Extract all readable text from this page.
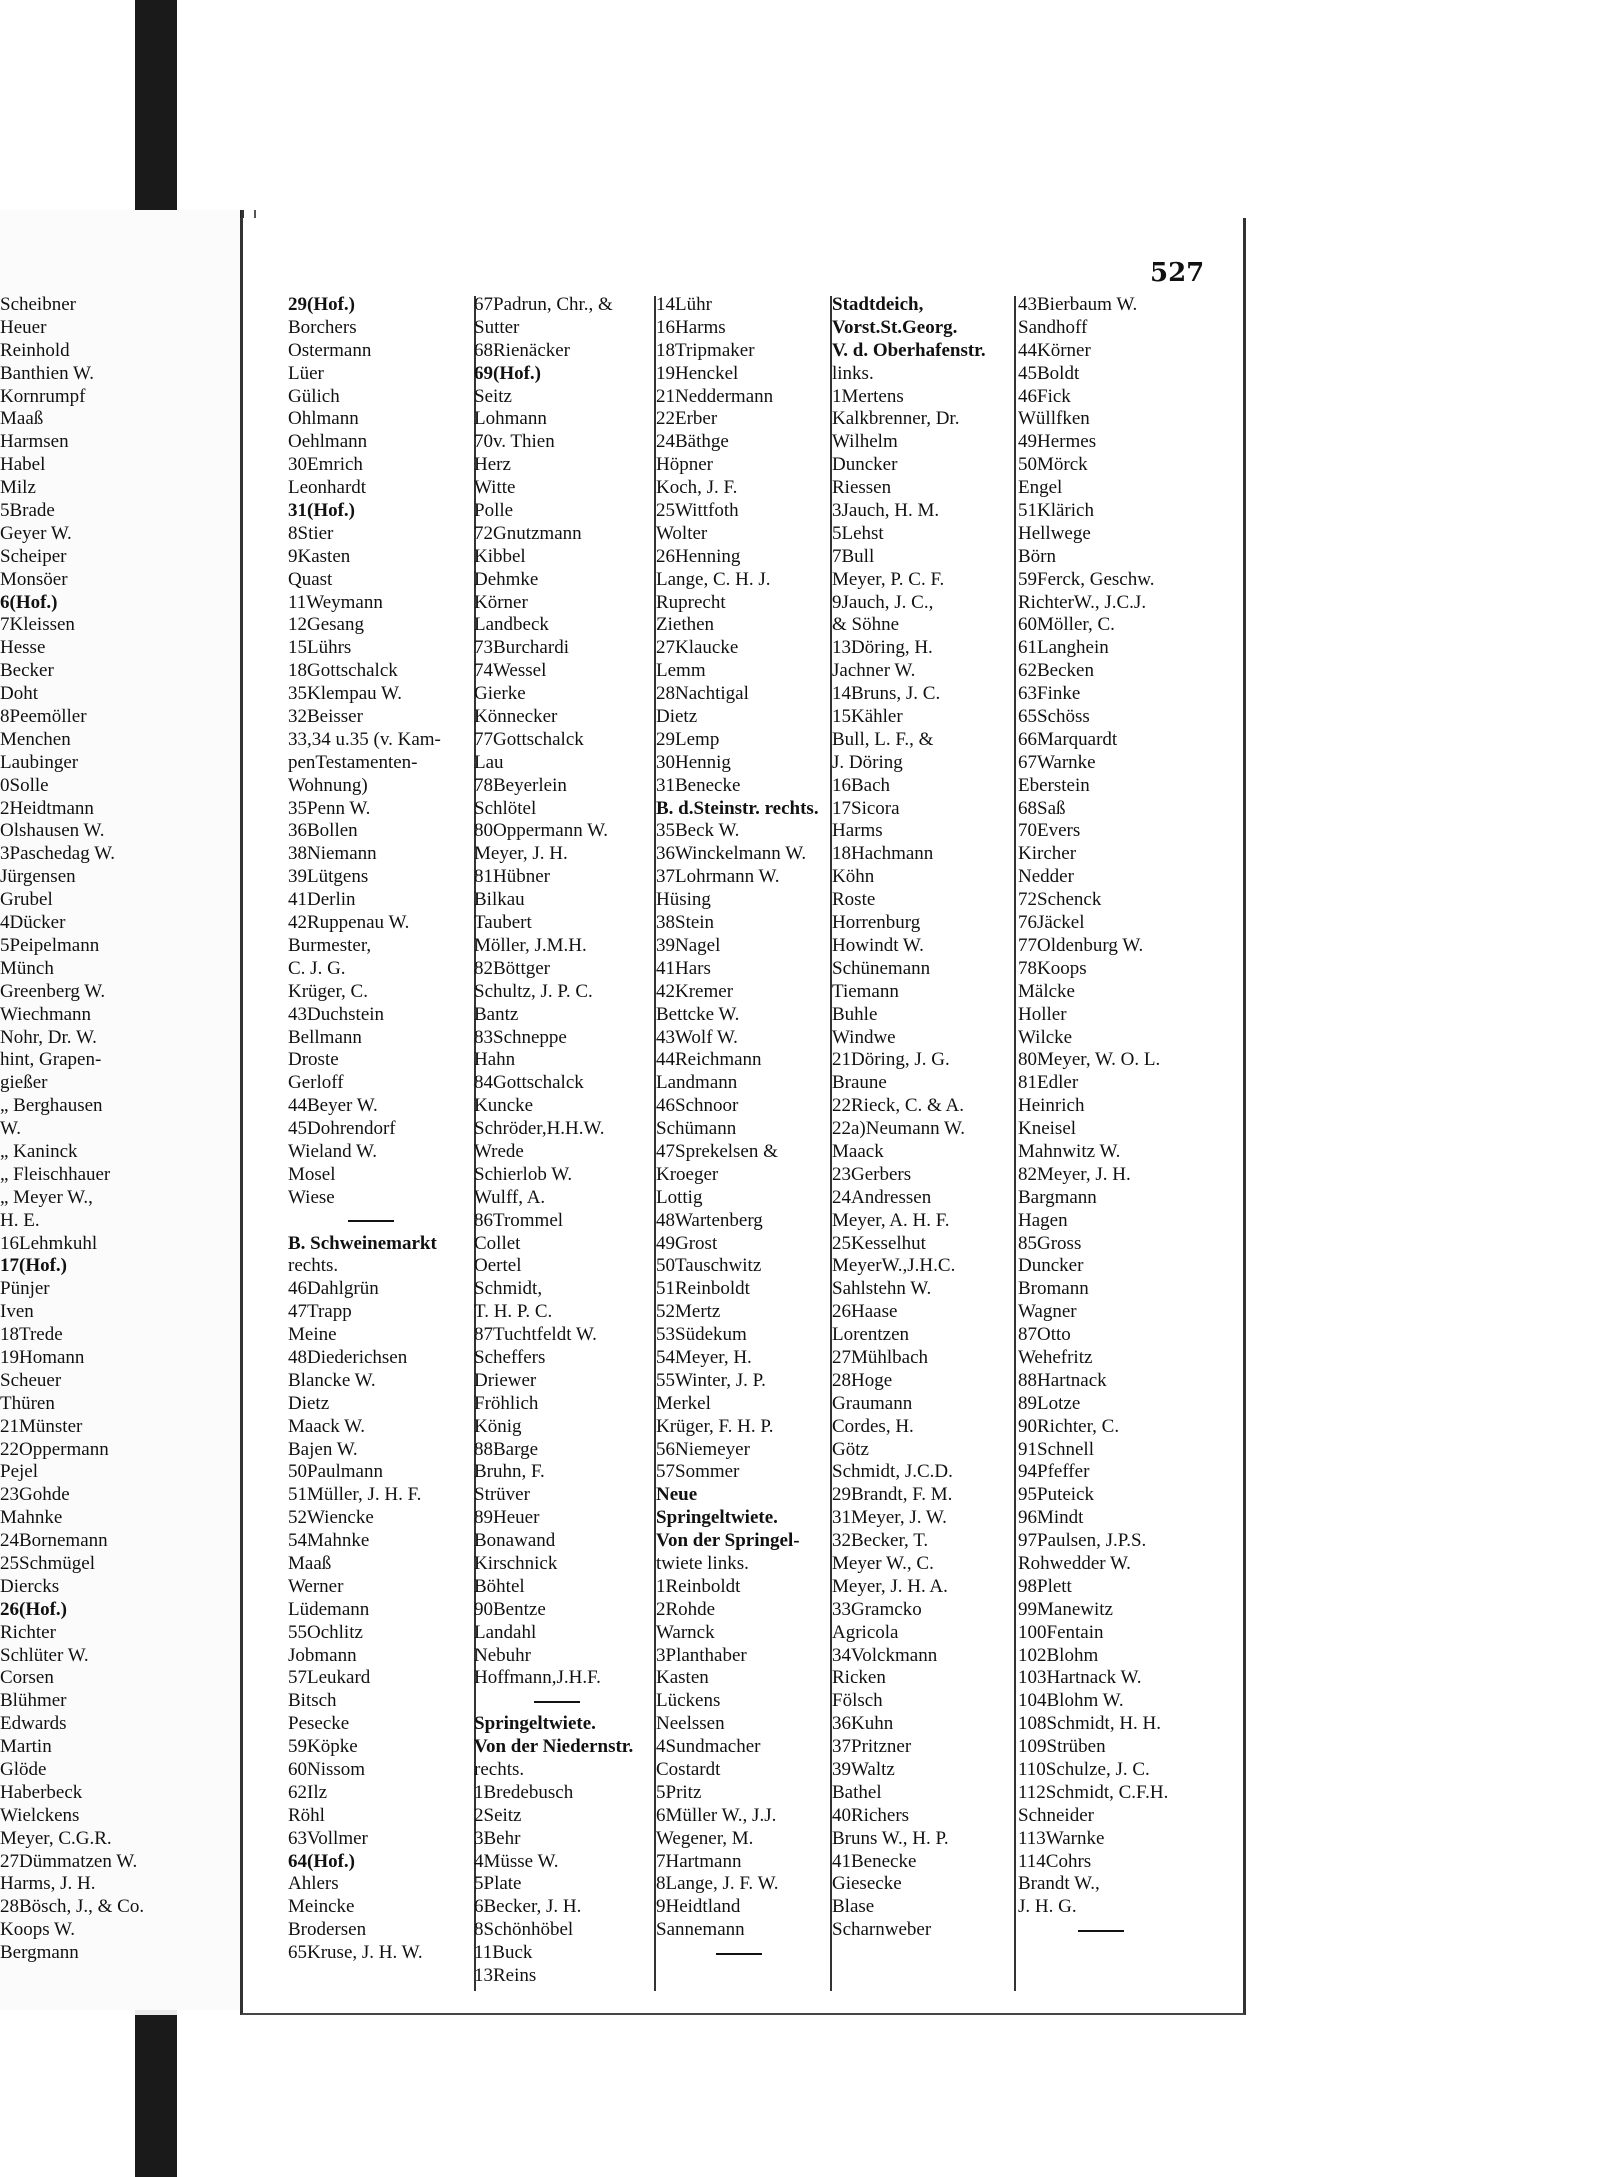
527
Scheibner
Heuer
Reinhold
Banthien W.
Kornrumpf
Maaß
Harmsen
Habel
Milz
5Brade
Geyer W.
Scheiper
Monsöer
6(Hof.)
7Kleissen
Hesse
Becker
Doht
8Peemöller
Menchen
Laubinger
0Solle
2Heidtmann
Olshausen W.
3Paschedag W.
Jürgensen
Grubel
4Dücker
5Peipelmann
Münch
Greenberg W.
Wiechmann
Nohr, Dr. W.
hint, Grapen-
gießer
„ Berghausen
W.
„ Kaninck
„ Fleischhauer
„ Meyer W.,
H. E.
16Lehmkuhl
17(Hof.)
Pünjer
Iven
18Trede
19Homann
Scheuer
Thüren
21Münster
22Oppermann
Pejel
23Gohde
Mahnke
24Bornemann
25Schmügel
Diercks
26(Hof.)
Richter
Schlüter W.
Corsen
Blühmer
Edwards
Martin
Glöde
Haberbeck
Wielckens
Meyer, C.G.R.
27Dümmatzen W.
Harms, J. H.
28Bösch, J., & Co.
Koops W.
Bergmann
29(Hof.)
Borchers
Ostermann
Lüer
Gülich
Ohlmann
Oehlmann
30Emrich
Leonhardt
31(Hof.)
8Stier
9Kasten
Quast
11Weymann
12Gesang
15Lührs
18Gottschalck
35Klempau W.
32Beisser
33,34 u.35 (v. Kam-
penTestamenten-
Wohnung)
35Penn W.
36Bollen
38Niemann
39Lütgens
41Derlin
42Ruppenau W.
Burmester,
C. J. G.
Krüger, C.
43Duchstein
Bellmann
Droste
Gerloff
44Beyer W.
45Dohrendorf
Wieland W.
Mosel
Wiese
B. Schweinemarkt
rechts.
46Dahlgrün
47Trapp
Meine
48Diederichsen
Blancke W.
Dietz
Maack W.
Bajen W.
50Paulmann
51Müller, J. H. F.
52Wiencke
54Mahnke
Maaß
Werner
Lüdemann
55Ochlitz
Jobmann
57Leukard
Bitsch
Pesecke
59Köpke
60Nissom
62Ilz
Röhl
63Vollmer
64(Hof.)
Ahlers
Meincke
Brodersen
65Kruse, J. H. W.
67Padrun, Chr., &
Sutter
68Rienäcker
69(Hof.)
Seitz
Lohmann
70v. Thien
Herz
Witte
Polle
72Gnutzmann
Kibbel
Dehmke
Körner
Landbeck
73Burchardi
74Wessel
Gierke
Könnecker
77Gottschalck
Lau
78Beyerlein
Schlötel
80Oppermann W.
Meyer, J. H.
81Hübner
Bilkau
Taubert
Möller, J.M.H.
82Böttger
Schultz, J. P. C.
Bantz
83Schneppe
Hahn
84Gottschalck
Kuncke
Schröder,H.H.W.
Wrede
Schierlob W.
Wulff, A.
86Trommel
Collet
Oertel
Schmidt,
T. H. P. C.
87Tuchtfeldt W.
Scheffers
Driewer
Fröhlich
König
88Barge
Bruhn, F.
Strüver
89Heuer
Bonawand
Kirschnick
Böhtel
90Bentze
Landahl
Nebuhr
Hoffmann,J.H.F.
Springeltwiete.
Von der Niedernstr.
rechts.
1Bredebusch
2Seitz
3Behr
4Müsse W.
5Plate
6Becker, J. H.
8Schönhöbel
11Buck
13Reins
14Lühr
16Harms
18Tripmaker
19Henckel
21Neddermann
22Erber
24Bäthge
Höpner
Koch, J. F.
25Wittfoth
Wolter
26Henning
Lange, C. H. J.
Ruprecht
Ziethen
27Klaucke
Lemm
28Nachtigal
Dietz
29Lemp
30Hennig
31Benecke
B. d.Steinstr. rechts.
35Beck W.
36Winckelmann W.
37Lohrmann W.
Hüsing
38Stein
39Nagel
41Hars
42Kremer
Bettcke W.
43Wolf W.
44Reichmann
Landmann
46Schnoor
Schümann
47Sprekelsen &
Kroeger
Lottig
48Wartenberg
49Grost
50Tauschwitz
51Reinboldt
52Mertz
53Südekum
54Meyer, H.
55Winter, J. P.
Merkel
Krüger, F. H. P.
56Niemeyer
57Sommer
Neue
Springeltwiete.
Von der Springel-
twiete links.
1Reinboldt
2Rohde
Warnck
3Planthaber
Kasten
Lückens
Neelssen
4Sundmacher
Costardt
5Pritz
6Müller W., J.J.
Wegener, M.
7Hartmann
8Lange, J. F. W.
9Heidtland
Sannemann
Stadtdeich,
Vorst.St.Georg.
V. d. Oberhafenstr.
links.
1Mertens
Kalkbrenner, Dr.
Wilhelm
Duncker
Riessen
3Jauch, H. M.
5Lehst
7Bull
Meyer, P. C. F.
9Jauch, J. C.,
& Söhne
13Döring, H.
Jachner W.
14Bruns, J. C.
15Kähler
Bull, L. F., &
J. Döring
16Bach
17Sicora
Harms
18Hachmann
Köhn
Roste
Horrenburg
Howindt W.
Schünemann
Tiemann
Buhle
Windwe
21Döring, J. G.
Braune
22Rieck, C. & A.
22a)Neumann W.
Maack
23Gerbers
24Andressen
Meyer, A. H. F.
25Kesselhut
MeyerW.,J.H.C.
Sahlstehn W.
26Haase
Lorentzen
27Mühlbach
28Hoge
Graumann
Cordes, H.
Götz
Schmidt, J.C.D.
29Brandt, F. M.
31Meyer, J. W.
32Becker, T.
Meyer W., C.
Meyer, J. H. A.
33Gramcko
Agricola
34Volckmann
Ricken
Fölsch
36Kuhn
37Pritzner
39Waltz
Bathel
40Richers
Bruns W., H. P.
41Benecke
Giesecke
Blase
Scharnweber
43Bierbaum W.
Sandhoff
44Körner
45Boldt
46Fick
Wüllfken
49Hermes
50Mörck
Engel
51Klärich
Hellwege
Börn
59Ferck, Geschw.
RichterW., J.C.J.
60Möller, C.
61Langhein
62Becken
63Finke
65Schöss
66Marquardt
67Warnke
Eberstein
68Saß
70Evers
Kircher
Nedder
72Schenck
76Jäckel
77Oldenburg W.
78Koops
Mälcke
Holler
Wilcke
80Meyer, W. O. L.
81Edler
Heinrich
Kneisel
Mahnwitz W.
82Meyer, J. H.
Bargmann
Hagen
85Gross
Duncker
Bromann
Wagner
87Otto
Wehefritz
88Hartnack
89Lotze
90Richter, C.
91Schnell
94Pfeffer
95Puteick
96Mindt
97Paulsen, J.P.S.
Rohwedder W.
98Plett
99Manewitz
100Fentain
102Blohm
103Hartnack W.
104Blohm W.
108Schmidt, H. H.
109Strüben
110Schulze, J. C.
112Schmidt, C.F.H.
Schneider
113Warnke
114Cohrs
Brandt W.,
J. H. G.
